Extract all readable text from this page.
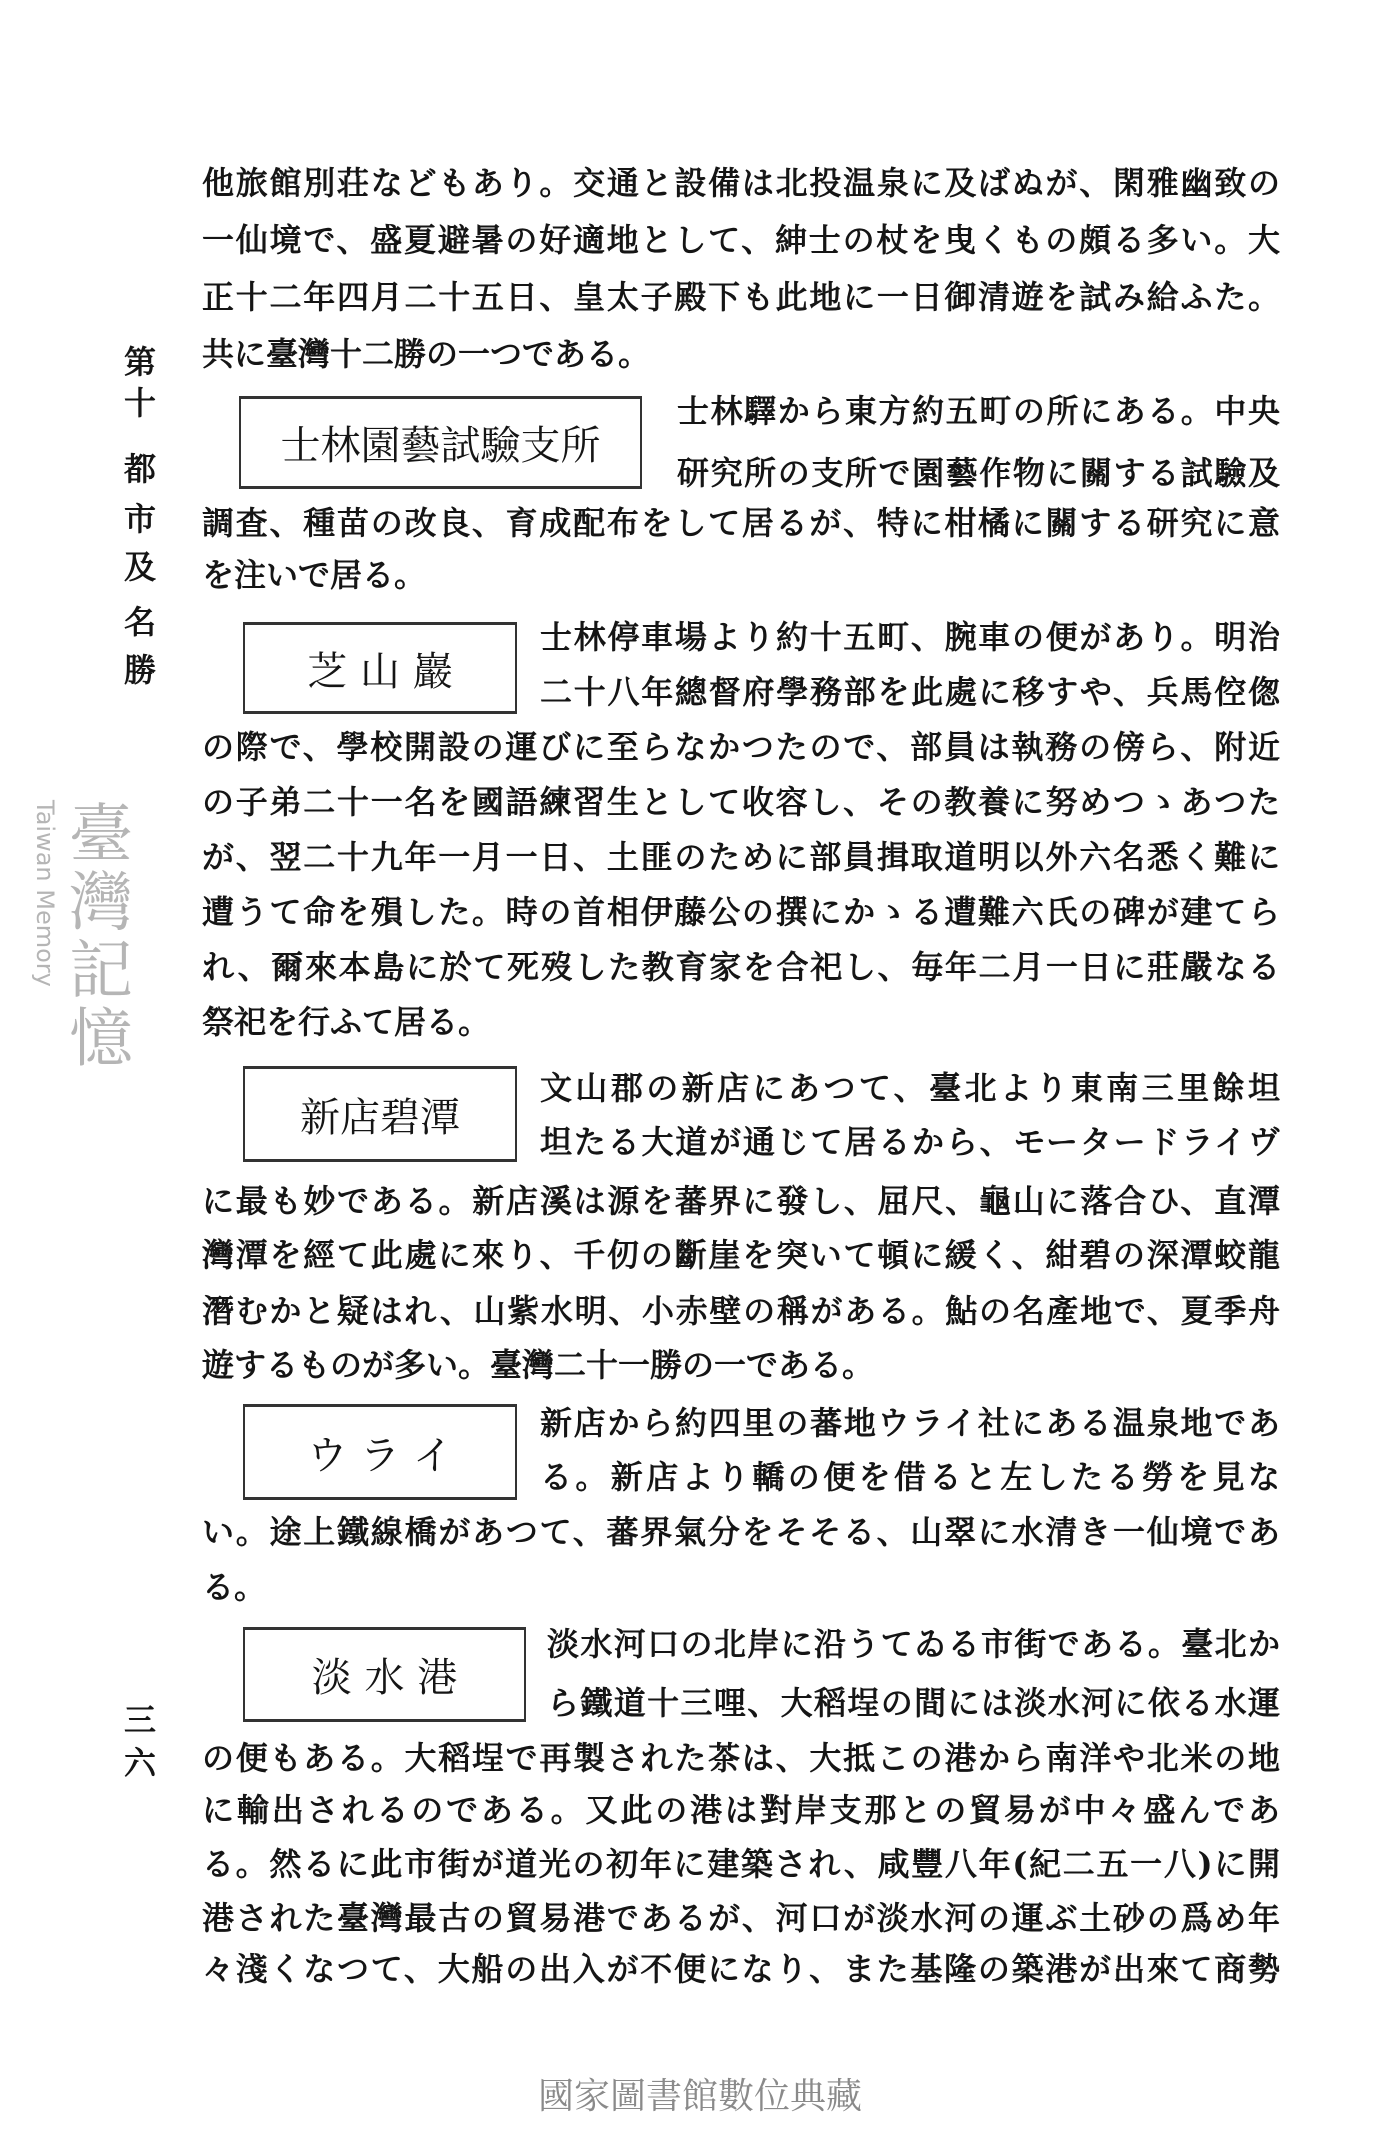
第
十
都
市
及
名
勝
三
六
他旅館別荘などもあり。交通と設備は北投温泉に及ばぬが、閑雅幽致の
一仙境で、盛夏避暑の好適地として、紳士の杖を曳くもの頗る多い。大
正十二年四月二十五日、皇太子殿下も此地に一日御清遊を試み給ふた。
共に臺灣十二勝の一つである。
士林園藝試驗支所
士林驛から東方約五町の所にある。中央
研究所の支所で園藝作物に關する試驗及
調査、種苗の改良、育成配布をして居るが、特に柑橘に關する研究に意
を注いで居る。
芝 山 巖
士林停車場より約十五町、腕車の便があり。明治
二十八年總督府學務部を此處に移すや、兵馬倥偬
の際で、學校開設の運びに至らなかつたので、部員は執務の傍ら、附近
の子弟二十一名を國語練習生として收容し、その教養に努めつゝあつた
が、翌二十九年一月一日、土匪のために部員揖取道明以外六名悉く難に
遭うて命を殞した。時の首相伊藤公の撰にかゝる遭難六氏の碑が建てら
れ、爾來本島に於て死歿した教育家を合祀し、毎年二月一日に莊嚴なる
祭祀を行ふて居る。
新店碧潭
文山郡の新店にあつて、臺北より東南三里餘坦
坦たる大道が通じて居るから、モータードライヴ
に最も妙である。新店溪は源を蕃界に發し、屈尺、龜山に落合ひ、直潭
灣潭を經て此處に來り、千仞の斷崖を突いて頓に緩く、紺碧の深潭蛟龍
潛むかと疑はれ、山紫水明、小赤壁の稱がある。鮎の名產地で、夏季舟
遊するものが多い。臺灣二十一勝の一である。
ウ ラ イ
新店から約四里の蕃地ウライ社にある温泉地であ
る。新店より轎の便を借ると左したる勞を見な
い。途上鐵線橋があつて、蕃界氣分をそそる、山翠に水清き一仙境であ
る。
淡 水 港
淡水河口の北岸に沿うてゐる市街である。臺北か
ら鐵道十三哩、大稻埕の間には淡水河に依る水運
の便もある。大稻埕で再製された茶は、大抵この港から南洋や北米の地
に輸出されるのである。又此の港は對岸支那との貿易が中々盛んであ
る。然るに此市街が道光の初年に建築され、咸豐八年(紀二五一八)に開
港された臺灣最古の貿易港であるが、河口が淡水河の運ぶ土砂の爲め年
々淺くなつて、大船の出入が不便になり、また基隆の築港が出來て商勢
臺灣記憶
Taiwan Memory
國家圖書館數位典藏
